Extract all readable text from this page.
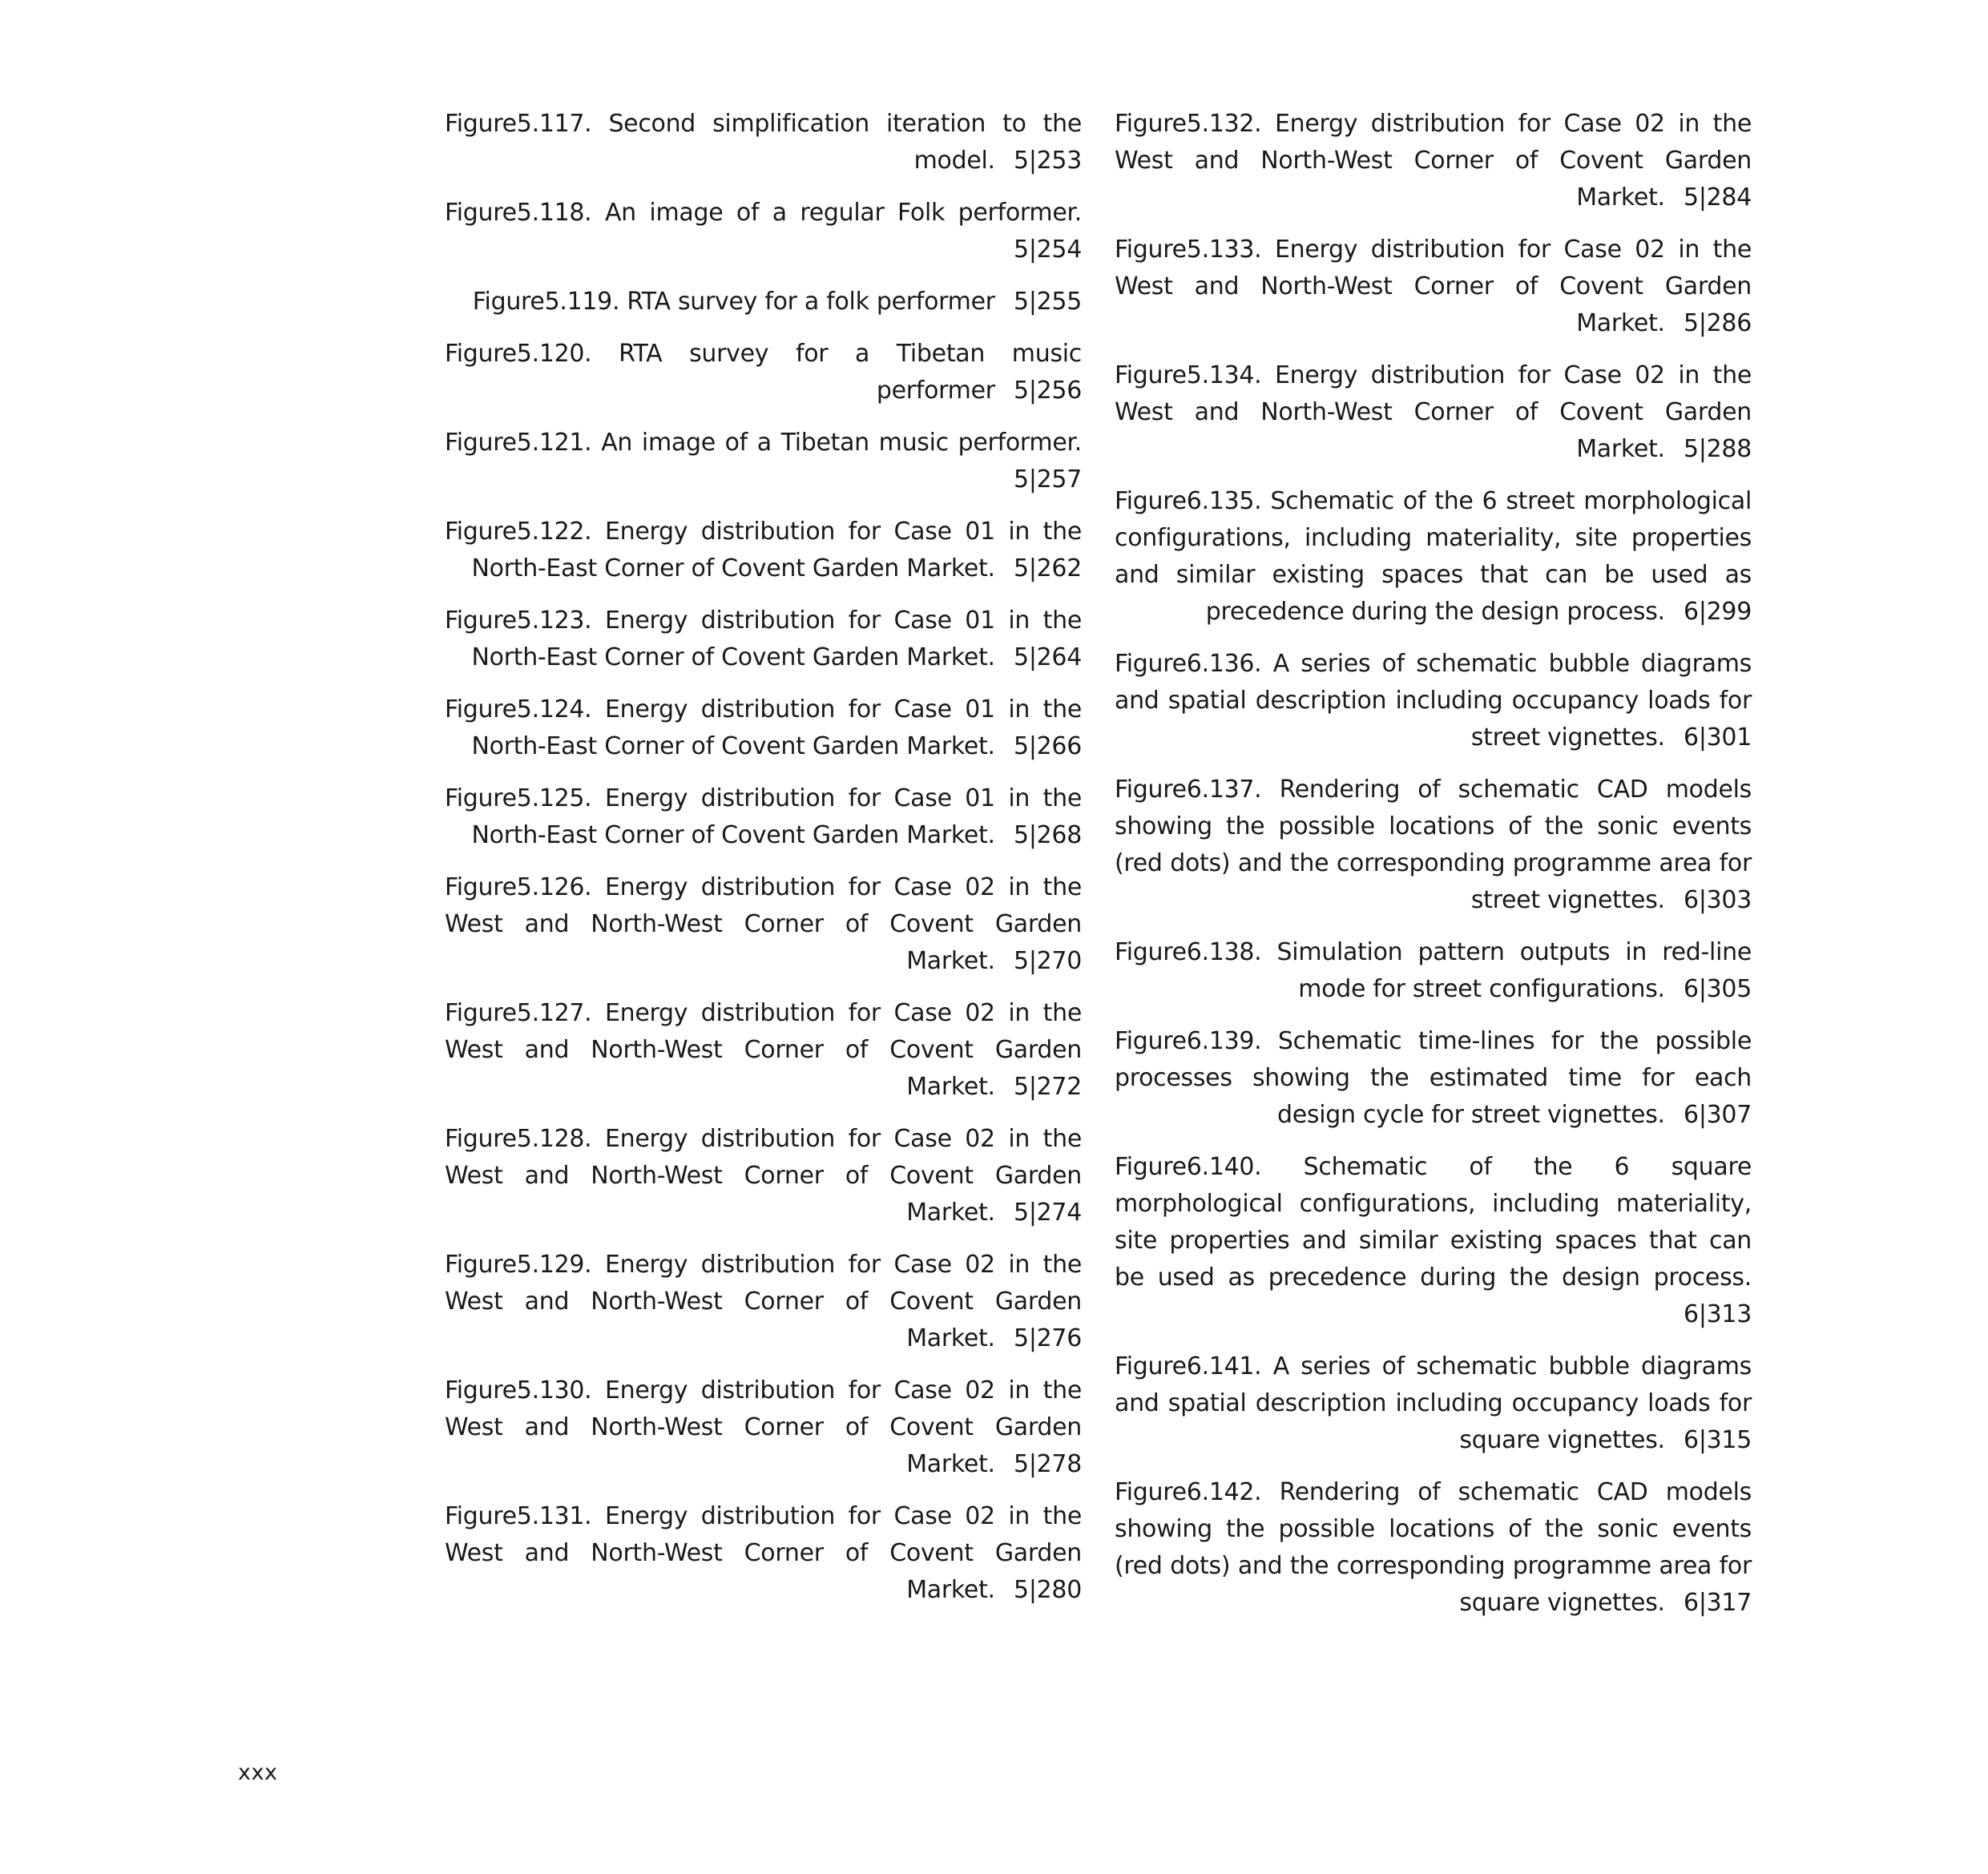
Figure5.117. Second simplification iteration to the model. 5|253

Figure5.118. An image of a regular Folk performer. 5|254

Figure5.119. RTA survey for a folk performer 5|255

Figure5.120. RTA survey for a Tibetan music performer 5|256

Figure5.121. An image of a Tibetan music performer. 5|257

Figure5.122. Energy distribution for Case 01 in the North-East Corner of Covent Garden Market. 5|262

Figure5.123. Energy distribution for Case 01 in the North-East Corner of Covent Garden Market. 5|264

Figure5.124. Energy distribution for Case 01 in the North-East Corner of Covent Garden Market. 5|266

Figure5.125. Energy distribution for Case 01 in the North-East Corner of Covent Garden Market. 5|268

Figure5.126. Energy distribution for Case 02 in the West and North-West Corner of Covent Garden Market. 5|270

Figure5.127. Energy distribution for Case 02 in the West and North-West Corner of Covent Garden Market. 5|272

Figure5.128. Energy distribution for Case 02 in the West and North-West Corner of Covent Garden Market. 5|274

Figure5.129. Energy distribution for Case 02 in the West and North-West Corner of Covent Garden Market. 5|276

Figure5.130. Energy distribution for Case 02 in the West and North-West Corner of Covent Garden Market. 5|278

Figure5.131. Energy distribution for Case 02 in the West and North-West Corner of Covent Garden Market. 5|280

Figure5.132. Energy distribution for Case 02 in the West and North-West Corner of Covent Garden Market. 5|284

Figure5.133. Energy distribution for Case 02 in the West and North-West Corner of Covent Garden Market. 5|286

Figure5.134. Energy distribution for Case 02 in the West and North-West Corner of Covent Garden Market. 5|288

Figure6.135. Schematic of the 6 street morphological configurations, including materiality, site properties and similar existing spaces that can be used as precedence during the design process. 6|299

Figure6.136. A series of schematic bubble diagrams and spatial description including occupancy loads for street vignettes. 6|301

Figure6.137. Rendering of schematic CAD models showing the possible locations of the sonic events (red dots) and the corresponding programme area for street vignettes. 6|303

Figure6.138. Simulation pattern outputs in red-line mode for street configurations. 6|305

Figure6.139. Schematic time-lines for the possible processes showing the estimated time for each design cycle for street vignettes. 6|307

Figure6.140. Schematic of the 6 square morphological configurations, including materiality, site properties and similar existing spaces that can be used as precedence during the design process. 6|313

Figure6.141. A series of schematic bubble diagrams and spatial description including occupancy loads for square vignettes. 6|315

Figure6.142. Rendering of schematic CAD models showing the possible locations of the sonic events (red dots) and the corresponding programme area for square vignettes. 6|317

xxx
